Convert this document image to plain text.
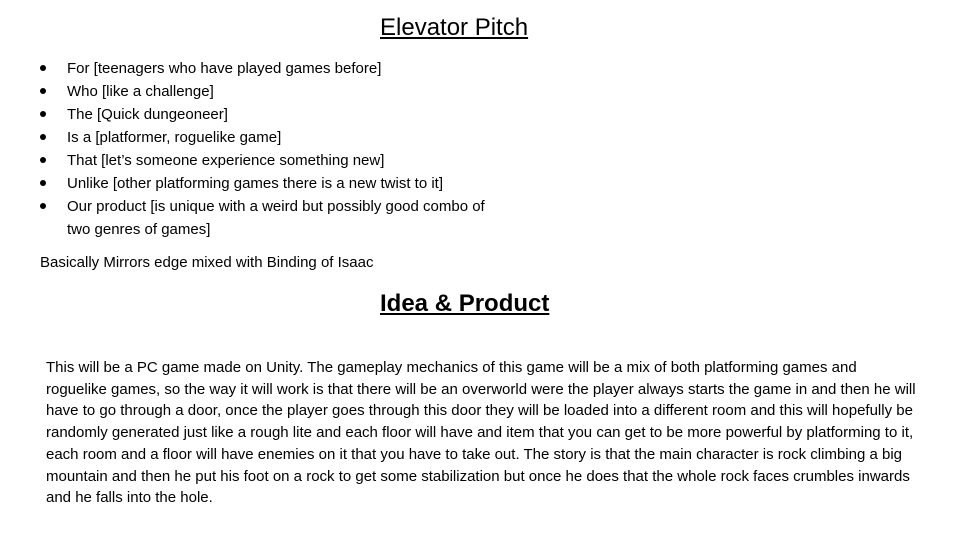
Elevator Pitch
For [teenagers who have played games before]
Who [like a challenge]
The [Quick dungeoneer]
Is a [platformer, roguelike game]
That [let’s someone experience something new]
Unlike [other platforming games there is a new twist to it]
Our product [is unique with a weird but possibly good combo of two genres of games]
Basically Mirrors edge mixed with Binding of Isaac
Idea & Product

This will be a PC game made on Unity. The gameplay mechanics of this game will be a mix of both platforming games and roguelike games, so the way it will work is that there will be an overworld were the player always starts the game in and then he will have to go through a door, once the player goes through this door they will be loaded into a different room and this will hopefully be randomly generated just like a rough lite and each floor will have and item that you can get to be more powerful by platforming to it, each room and a floor will have enemies on it that you have to take out. The story is that the main character is rock climbing a big mountain and then he put his foot on a rock to get some stabilization but once he does that the whole rock faces crumbles inwards and he falls into the hole.
